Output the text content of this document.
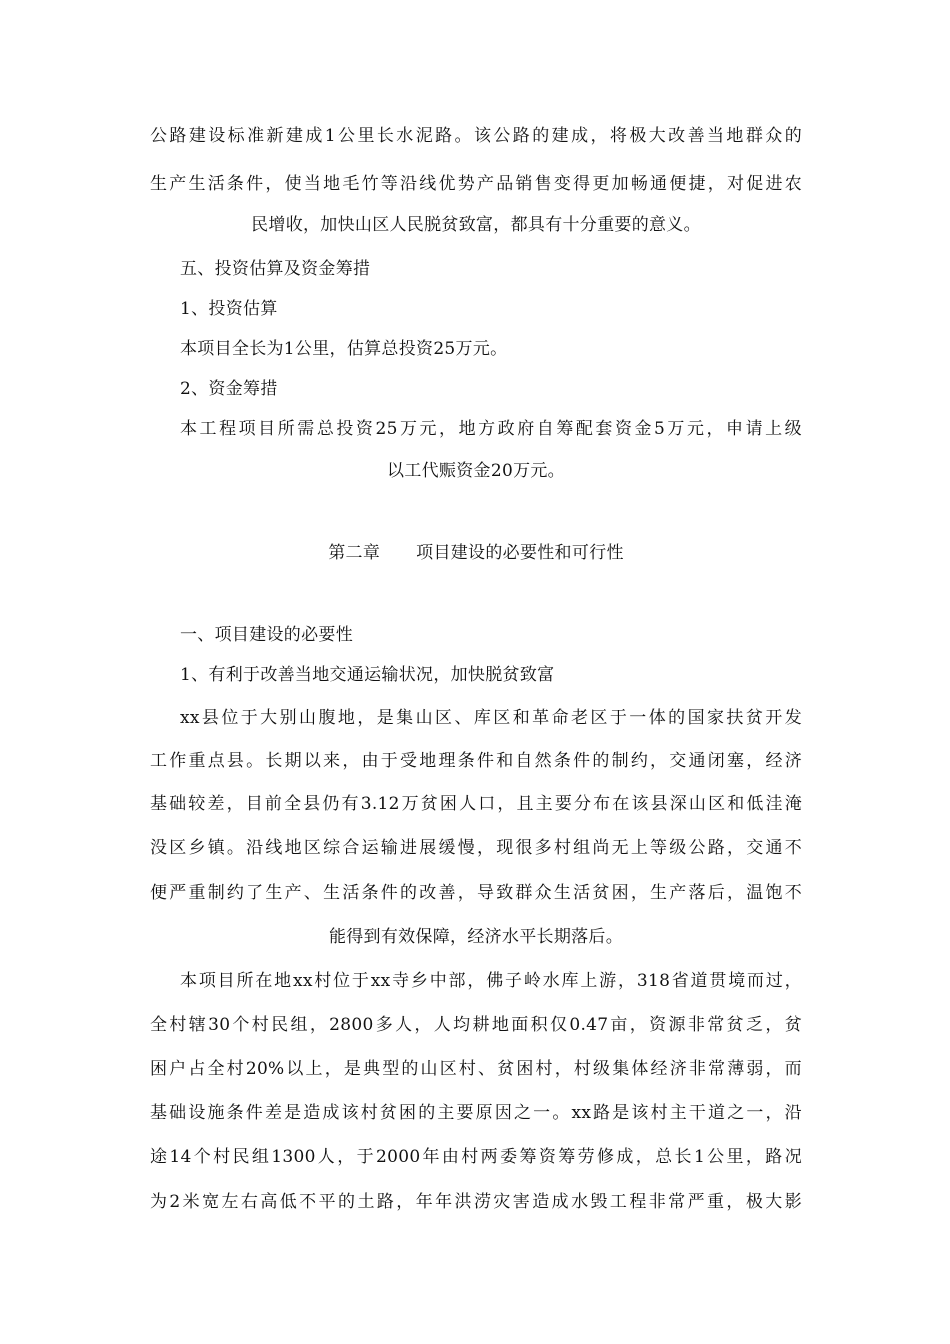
公路建设标准新建成1公里长水泥路。该公路的建成，将极大改善当地群众的
生产生活条件，使当地毛竹等沿线优势产品销售变得更加畅通便捷，对促进农
民增收，加快山区人民脱贫致富，都具有十分重要的意义。
五、投资估算及资金筹措
1、投资估算
本项目全长为1公里，估算总投资25万元。
2、资金筹措
本工程项目所需总投资25万元，地方政府自筹配套资金5万元，申请上级
以工代赈资金20万元。
第二章 项目建设的必要性和可行性
一、项目建设的必要性
1、有利于改善当地交通运输状况，加快脱贫致富
xx县位于大别山腹地，是集山区、库区和革命老区于一体的国家扶贫开发
工作重点县。长期以来，由于受地理条件和自然条件的制约，交通闭塞，经济
基础较差，目前全县仍有3.12万贫困人口，且主要分布在该县深山区和低洼淹
没区乡镇。沿线地区综合运输进展缓慢，现很多村组尚无上等级公路，交通不
便严重制约了生产、生活条件的改善，导致群众生活贫困，生产落后，温饱不
能得到有效保障，经济水平长期落后。
本项目所在地xx村位于xx寺乡中部，佛子岭水库上游，318省道贯境而过，
全村辖30个村民组，2800多人，人均耕地面积仅0.47亩，资源非常贫乏，贫
困户占全村20%以上，是典型的山区村、贫困村，村级集体经济非常薄弱，而
基础设施条件差是造成该村贫困的主要原因之一。xx路是该村主干道之一，沿
途14个村民组1300人，于2000年由村两委筹资筹劳修成，总长1公里，路况
为2米宽左右高低不平的土路，年年洪涝灾害造成水毁工程非常严重，极大影
